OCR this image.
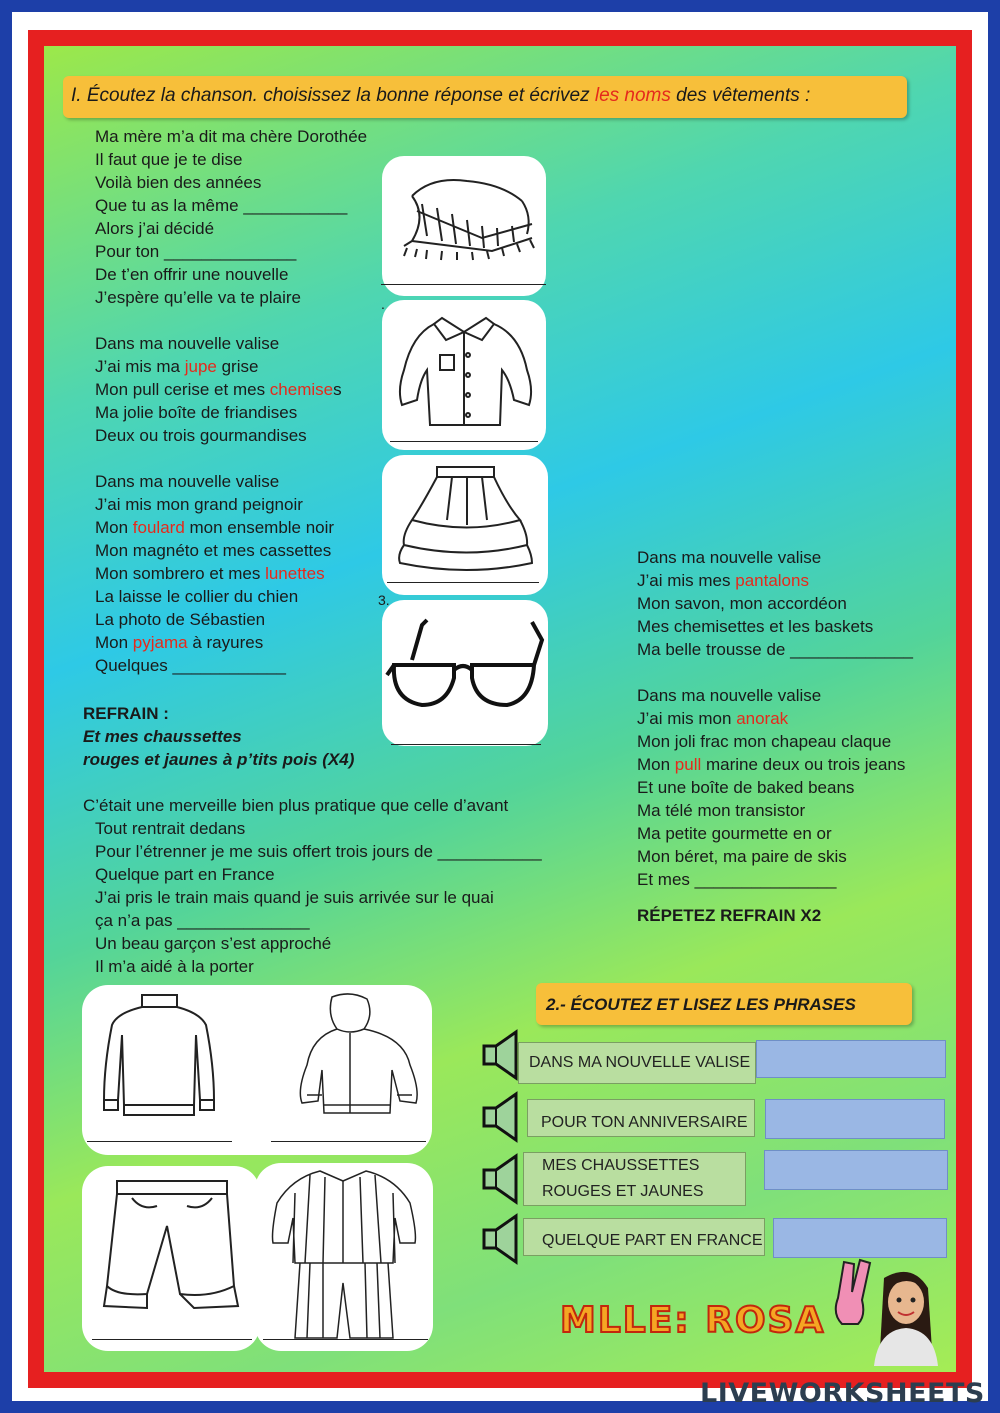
I. Écoutez la chanson. choisissez la bonne réponse et écrivez les noms des vêtements :
Ma mère m’a dit ma chère Dorothée
Il faut que je te dise
Voilà bien des années
Que tu as la même ___________
Alors j’ai décidé
Pour ton ______________
De t’en offrir une nouvelle
J’espère qu’elle va te plaire
Dans ma nouvelle valise
J’ai mis ma jupe grise
Mon pull cerise et mes chemises
Ma jolie boîte de friandises
Deux ou trois gourmandises
Dans ma nouvelle valise
J’ai mis mon grand peignoir
Mon foulard mon ensemble noir
Mon magnéto et mes cassettes
Mon sombrero et mes lunettes
La laisse le collier du chien
La photo de Sébastien
Mon pyjama à rayures
Quelques ____________
REFRAIN :
Et mes chaussettes
rouges et jaunes à p’tits pois (X4)
C’était une merveille bien plus pratique que celle d’avant
Tout rentrait dedans
Pour l’étrenner je me suis offert trois jours de ___________
Quelque part en France
J’ai pris le train mais quand je suis arrivée sur le quai
ça n’a pas ______________
Un beau garçon s’est approché
Il m’a aidé à la porter
.
3.
Dans ma nouvelle valise
J’ai mis mes pantalons
Mon savon, mon accordéon
Mes chemisettes et les baskets
Ma belle trousse de _____________
Dans ma nouvelle valise
J’ai mis mon anorak
Mon joli frac mon chapeau claque
Mon pull marine deux ou trois jeans
Et une boîte de baked beans
Ma télé mon transistor
Ma petite gourmette en or
Mon béret, ma paire de skis
Et mes _______________
RÉPETEZ REFRAIN X2
2.- ÉCOUTEZ ET LISEZ LES PHRASES
DANS MA NOUVELLE VALISE
POUR TON ANNIVERSAIRE
MES CHAUSSETTES
ROUGES ET JAUNES
QUELQUE PART EN FRANCE
MLLE: ROSA
LIVEWORKSHEETS
